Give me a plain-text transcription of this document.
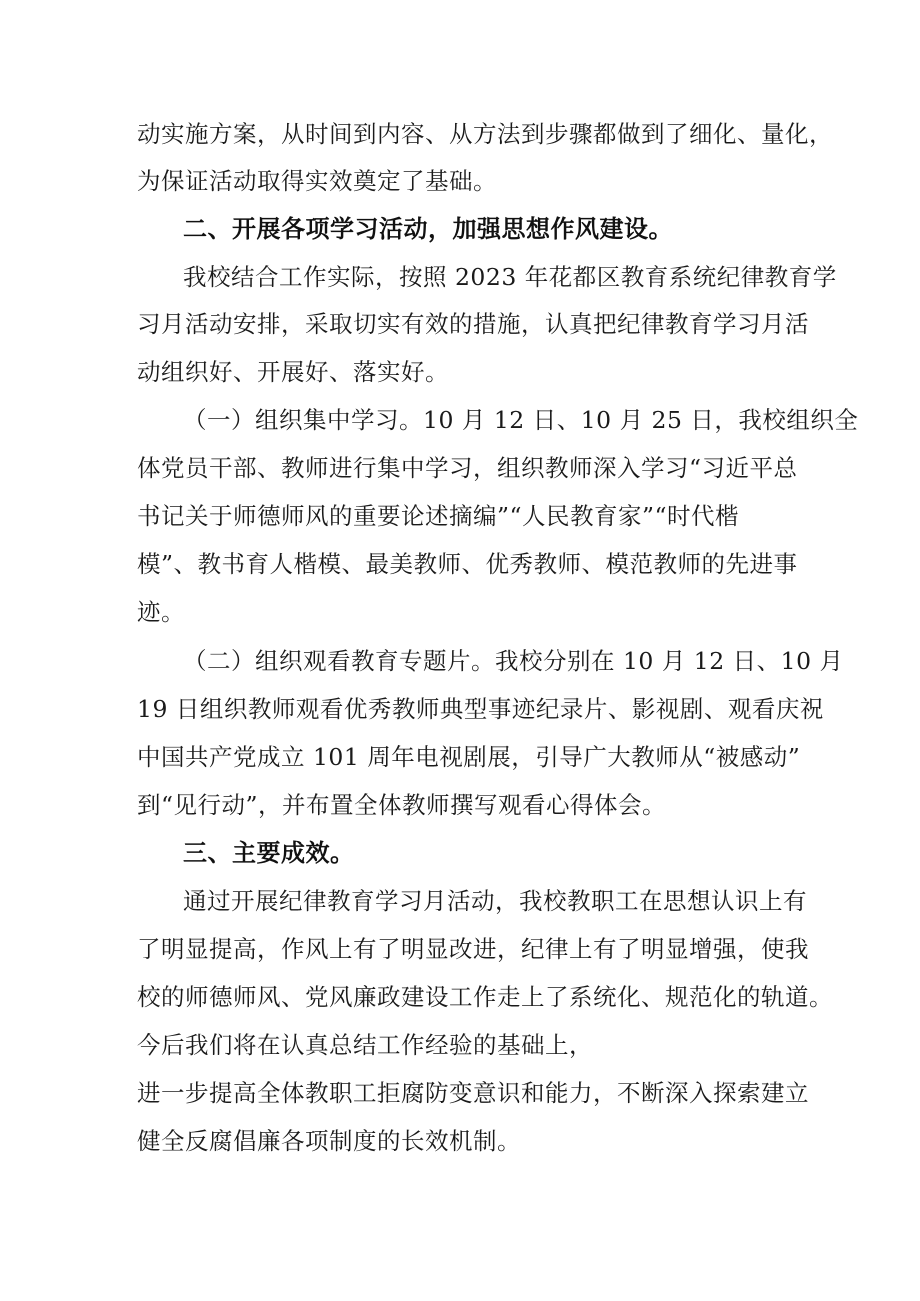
动实施方案，从时间到内容、从方法到步骤都做到了细化、量化，

为保证活动取得实效奠定了基础。

二、开展各项学习活动，加强思想作风建设。

我校结合工作实际，按照 2023 年花都区教育系统纪律教育学

习月活动安排，采取切实有效的措施，认真把纪律教育学习月活

动组织好、开展好、落实好。

（一）组织集中学习。10 月 12 日、10 月 25 日，我校组织全

体党员干部、教师进行集中学习，组织教师深入学习“习近平总

书记关于师德师风的重要论述摘编”“人民教育家”“时代楷

模”、教书育人楷模、最美教师、优秀教师、模范教师的先进事

迹。

（二）组织观看教育专题片。我校分别在 10 月 12 日、10 月

19 日组织教师观看优秀教师典型事迹纪录片、影视剧、观看庆祝

中国共产党成立 101 周年电视剧展，引导广大教师从“被感动”

到“见行动”，并布置全体教师撰写观看心得体会。

三、主要成效。

通过开展纪律教育学习月活动，我校教职工在思想认识上有

了明显提高，作风上有了明显改进，纪律上有了明显增强，使我

校的师德师风、党风廉政建设工作走上了系统化、规范化的轨道。

今后我们将在认真总结工作经验的基础上，

进一步提高全体教职工拒腐防变意识和能力，不断深入探索建立

健全反腐倡廉各项制度的长效机制。
